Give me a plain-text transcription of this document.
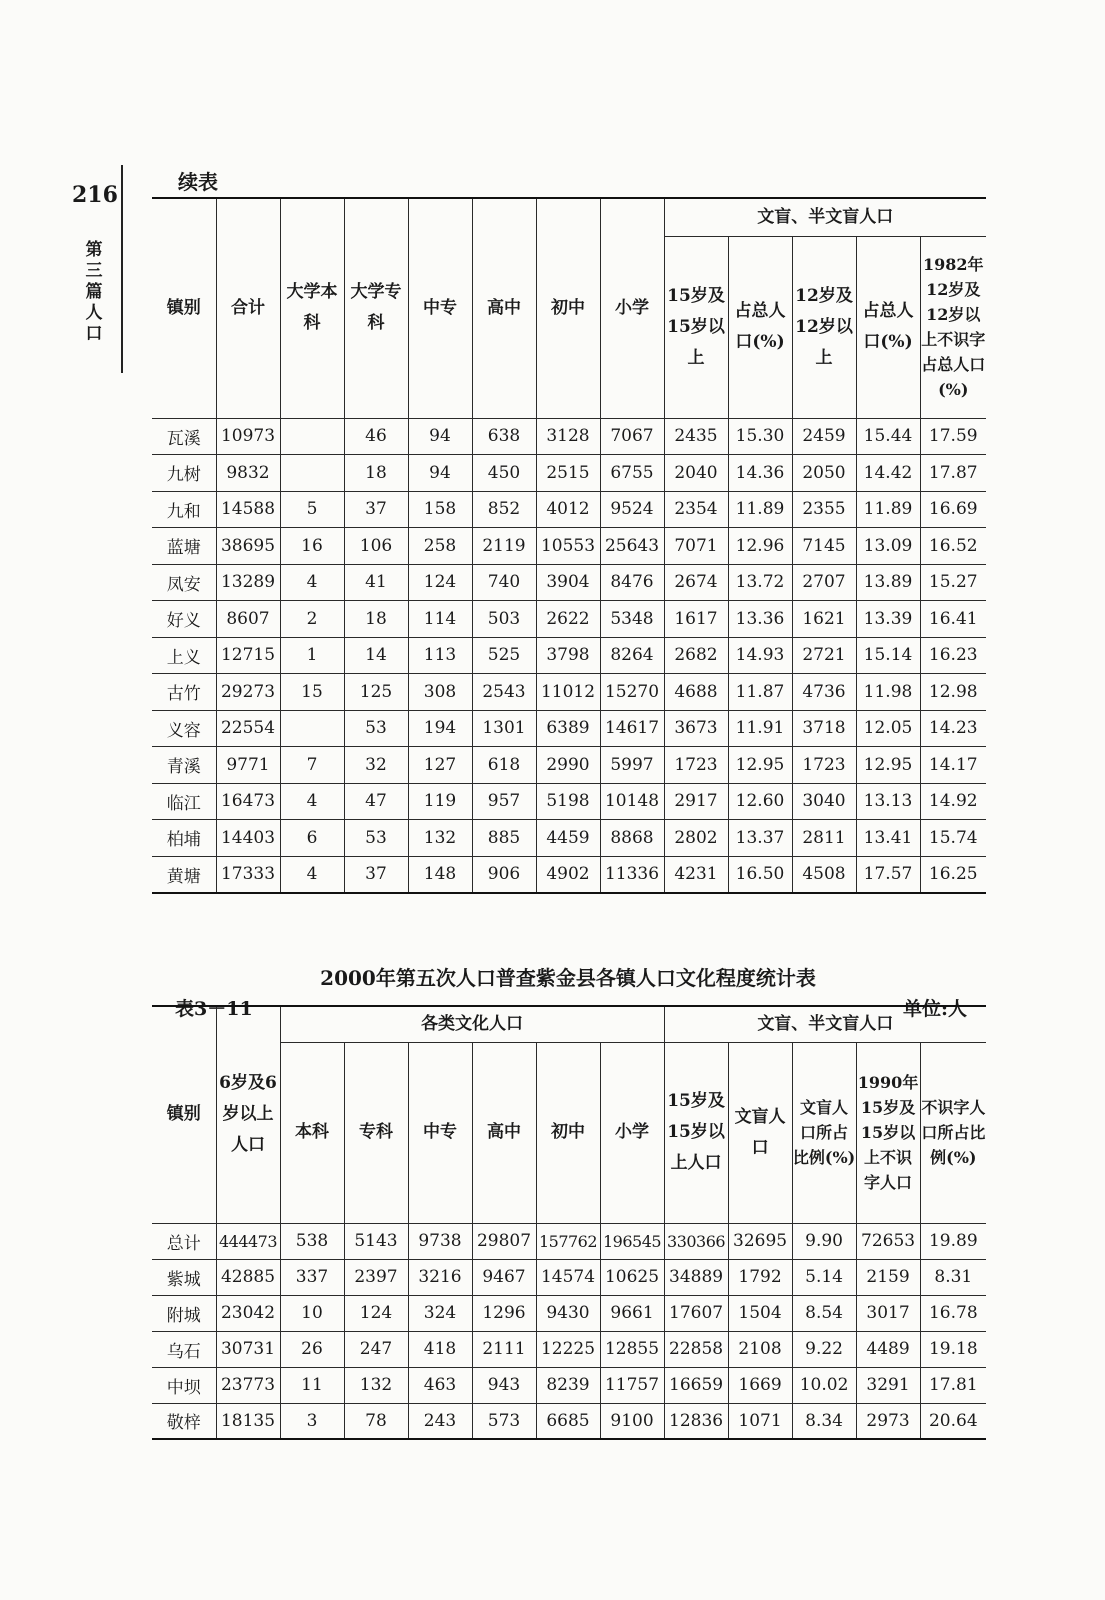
216
第三篇 人口
续表
镇别	合计	大学本科	大学专科	中专	高中	初中	小学	文盲、半文盲人口				
								15岁及15岁以上	占总人口(%)	12岁及12岁以上	占总人口(%)	1982年12岁及12岁以上不识字占总人口(%)
瓦溪	10973		46	94	638	3128	7067	2435	15.30	2459	15.44	17.59
九树	9832		18	94	450	2515	6755	2040	14.36	2050	14.42	17.87
九和	14588	5	37	158	852	4012	9524	2354	11.89	2355	11.89	16.69
蓝塘	38695	16	106	258	2119	10553	25643	7071	12.96	7145	13.09	16.52
凤安	13289	4	41	124	740	3904	8476	2674	13.72	2707	13.89	15.27
好义	8607	2	18	114	503	2622	5348	1617	13.36	1621	13.39	16.41
上义	12715	1	14	113	525	3798	8264	2682	14.93	2721	15.14	16.23
古竹	29273	15	125	308	2543	11012	15270	4688	11.87	4736	11.98	12.98
义容	22554		53	194	1301	6389	14617	3673	11.91	3718	12.05	14.23
青溪	9771	7	32	127	618	2990	5997	1723	12.95	1723	12.95	14.17
临江	16473	4	47	119	957	5198	10148	2917	12.60	3040	13.13	14.92
柏埔	14403	6	53	132	885	4459	8868	2802	13.37	2811	13.41	15.74
黄塘	17333	4	37	148	906	4902	11336	4231	16.50	4508	17.57	16.25
2000年第五次人口普查紫金县各镇人口文化程度统计表
表3－11	单位:人
镇别	6岁及6岁以上人口	各类文化人口						文盲、半文盲人口				
		本科	专科	中专	高中	初中	小学	15岁及15岁以上人口	文盲人口	文盲人口所占比例(%)	1990年15岁及15岁以上不识字人口	不识字人口所占比例(%)
总计	444473	538	5143	9738	29807	157762	196545	330366	32695	9.90	72653	19.89
紫城	42885	337	2397	3216	9467	14574	10625	34889	1792	5.14	2159	8.31
附城	23042	10	124	324	1296	9430	9661	17607	1504	8.54	3017	16.78
乌石	30731	26	247	418	2111	12225	12855	22858	2108	9.22	4489	19.18
中坝	23773	11	132	463	943	8239	11757	16659	1669	10.02	3291	17.81
敬梓	18135	3	78	243	573	6685	9100	12836	1071	8.34	2973	20.64
